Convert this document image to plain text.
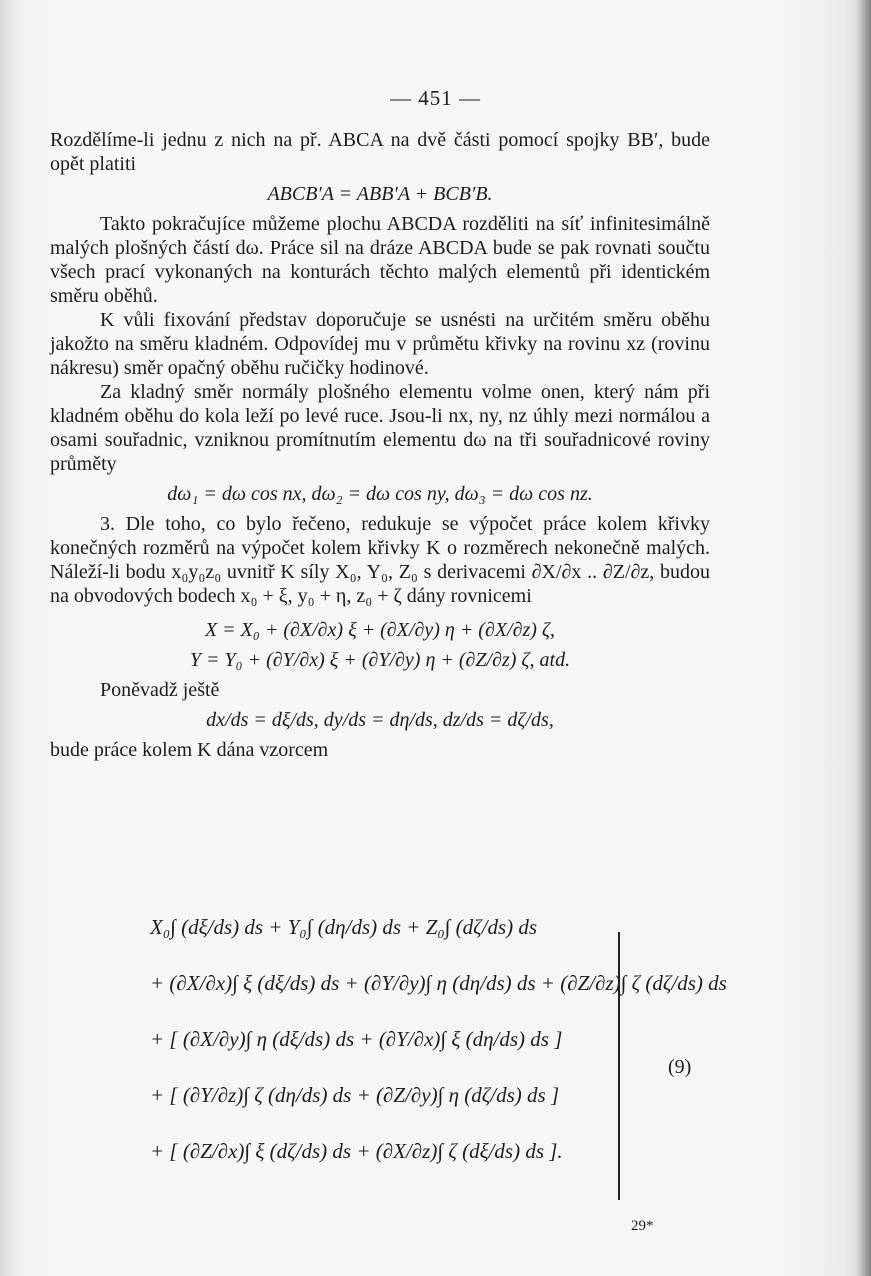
— 451 —

Rozdělíme-li jednu z nich na př. ABCA na dvě části pomocí spojky BB′, bude opět platiti

ABCB′A = ABB′A + BCB′B.

Takto pokračujíce můžeme plochu ABCDA rozděliti na síť infinitesimálně malých plošných částí dω. Práce sil na dráze ABCDA bude se pak rovnati součtu všech prací vykonaných na konturách těchto malých elementů při identickém směru oběhů.

K vůli fixování představ doporučuje se usnésti na určitém směru oběhu jakožto na směru kladném. Odpovídej mu v průmětu křivky na rovinu xz (rovinu nákresu) směr opačný oběhu ručičky hodinové.

Za kladný směr normály plošného elementu volme onen, který nám při kladném oběhu do kola leží po levé ruce. Jsou-li nx, ny, nz úhly mezi normálou a osami souřadnic, vzniknou promítnutím elementu dω na tři souřadnicové roviny průměty

dω₁ = dω cos nx, dω₂ = dω cos ny, dω₃ = dω cos nz.

3. Dle toho, co bylo řečeno, redukuje se výpočet práce kolem křivky konečných rozměrů na výpočet kolem křivky K o rozměrech nekonečně malých. Náleží-li bodu x₀y₀z₀ uvnitř K síly X₀, Y₀, Z₀ s derivacemi ∂X/∂x .. ∂Z/∂z, budou na obvodových bodech x₀ + ξ, y₀ + η, z₀ + ζ dány rovnicemi

X = X₀ + (∂X/∂x) ξ + (∂X/∂y) η + (∂X/∂z) ζ,

Y = Y₀ + (∂Y/∂x) ξ + (∂Y/∂y) η + (∂Z/∂z) ζ, atd.

Poněvadž ještě

dx/ds = dξ/ds, dy/ds = dη/ds, dz/ds = dζ/ds,

bude práce kolem K dána vzorcem

X₀∫ (dξ/ds) ds + Y₀∫ (dη/ds) ds + Z₀∫ (dζ/ds) ds
+ (∂X/∂x)∫ ξ (dξ/ds) ds + (∂Y/∂y)∫ η (dη/ds) ds + (∂Z/∂z)∫ ζ (dζ/ds) ds
+ [ (∂X/∂y)∫ η (dξ/ds) ds + (∂Y/∂x)∫ ξ (dη/ds) ds ]
+ [ (∂Y/∂z)∫ ζ (dη/ds) ds + (∂Z/∂y)∫ η (dζ/ds) ds ]
+ [ (∂Z/∂x)∫ ξ (dζ/ds) ds + (∂X/∂z)∫ ζ (dξ/ds) ds ].
(9)
29*
